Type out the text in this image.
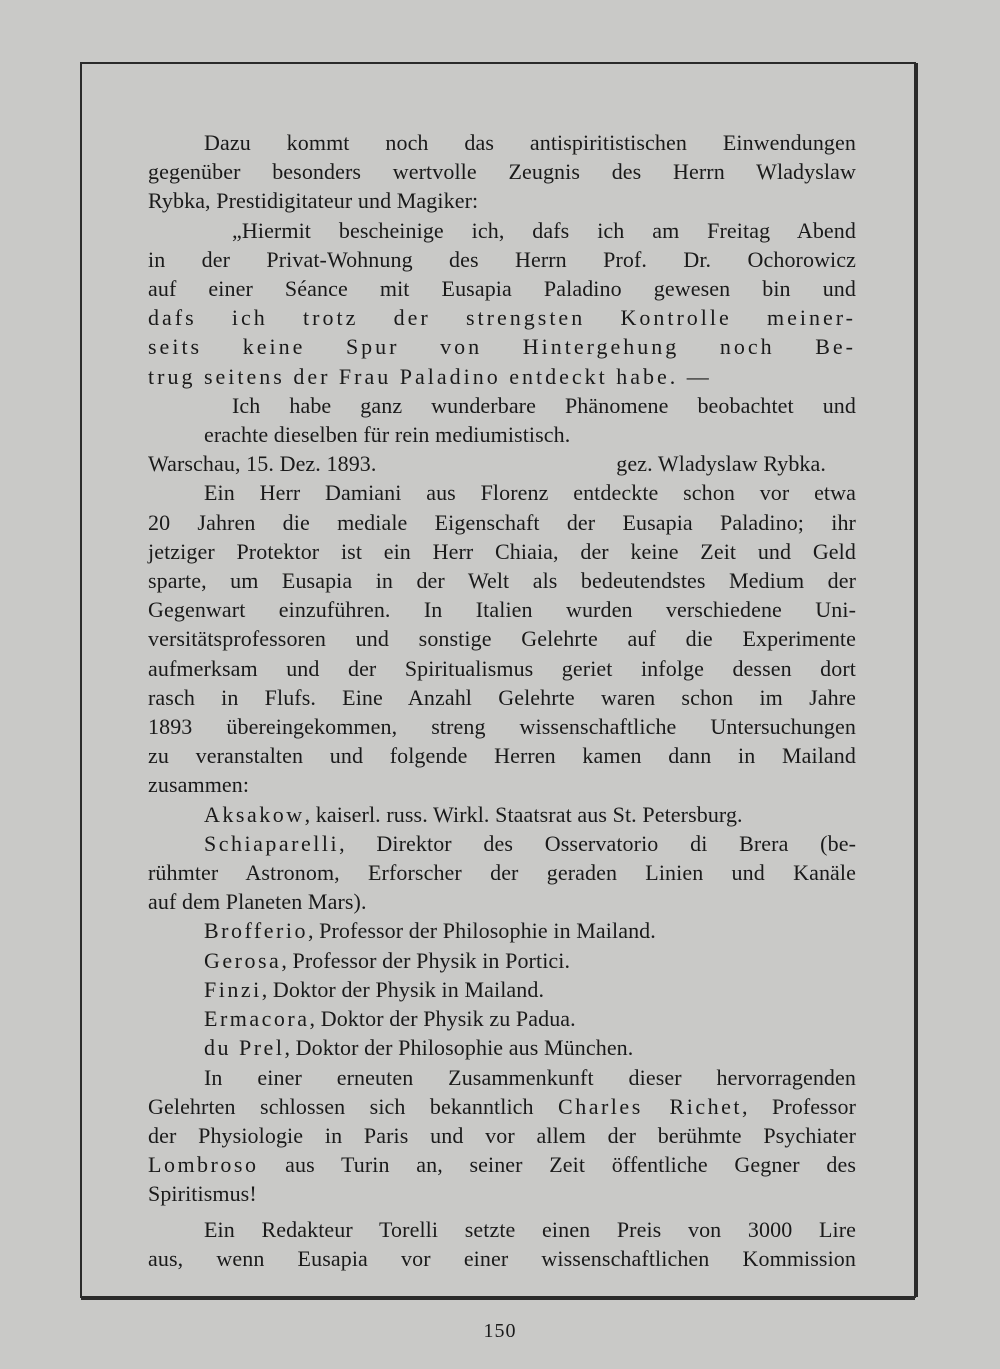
Dazu kommt noch das antispiritistischen Einwendungen
gegenüber besonders wertvolle Zeugnis des Herrn Wladyslaw
Rybka, Prestidigitateur und Magiker:
„Hiermit bescheinige ich, dafs ich am Freitag Abend
in der Privat-Wohnung des Herrn Prof. Dr. Ochorowicz
auf einer Séance mit Eusapia Paladino gewesen bin und
dafs ich trotz der strengsten Kontrolle meiner-
seits keine Spur von Hintergehung noch Be-
trug seitens der Frau Paladino entdeckt habe. —
Ich habe ganz wunderbare Phänomene beobachtet und
erachte dieselben für rein mediumistisch.
Warschau, 15. Dez. 1893.	gez. Wladyslaw Rybka.
Ein Herr Damiani aus Florenz entdeckte schon vor etwa
20 Jahren die mediale Eigenschaft der Eusapia Paladino; ihr
jetziger Protektor ist ein Herr Chiaia, der keine Zeit und Geld
sparte, um Eusapia in der Welt als bedeutendstes Medium der
Gegenwart einzuführen. In Italien wurden verschiedene Uni-
versitätsprofessoren und sonstige Gelehrte auf die Experimente
aufmerksam und der Spiritualismus geriet infolge dessen dort
rasch in Flufs. Eine Anzahl Gelehrte waren schon im Jahre
1893 übereingekommen, streng wissenschaftliche Untersuchungen
zu veranstalten und folgende Herren kamen dann in Mailand
zusammen:
Aksakow, kaiserl. russ. Wirkl. Staatsrat aus St. Petersburg.
Schiaparelli, Direktor des Osservatorio di Brera (be-
rühmter Astronom, Erforscher der geraden Linien und Kanäle
auf dem Planeten Mars).
Brofferio, Professor der Philosophie in Mailand.
Gerosa, Professor der Physik in Portici.
Finzi, Doktor der Physik in Mailand.
Ermacora, Doktor der Physik zu Padua.
du Prel, Doktor der Philosophie aus München.
In einer erneuten Zusammenkunft dieser hervorragenden
Gelehrten schlossen sich bekanntlich Charles Richet, Professor
der Physiologie in Paris und vor allem der berühmte Psychiater
Lombroso aus Turin an, seiner Zeit öffentliche Gegner des
Spiritismus!
Ein Redakteur Torelli setzte einen Preis von 3000 Lire
aus, wenn Eusapia vor einer wissenschaftlichen Kommission
150
